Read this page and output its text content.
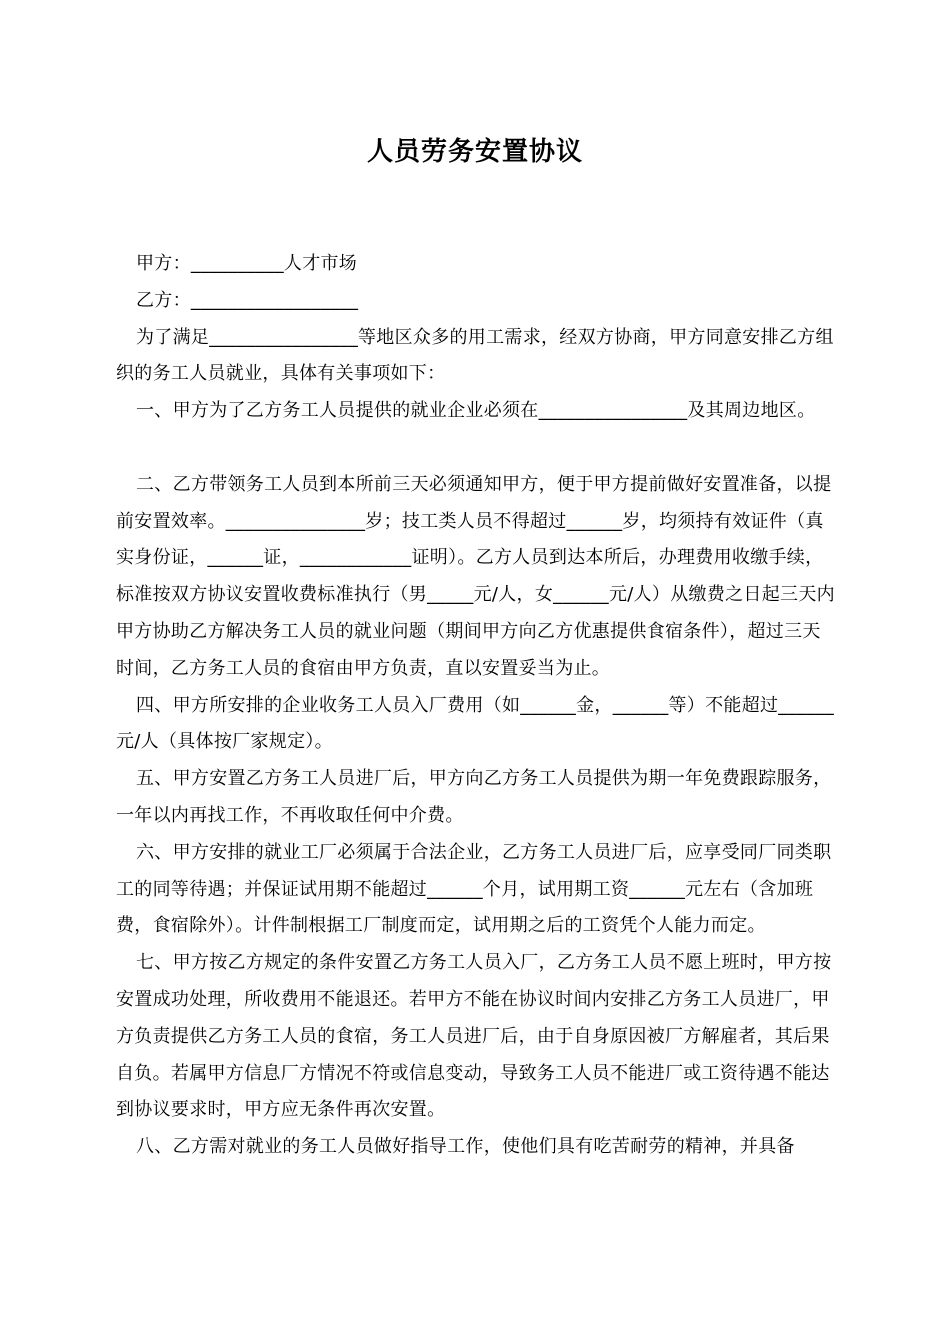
人员劳务安置协议

甲方：__________人才市场

乙方：__________________

为了满足________________等地区众多的用工需求，经双方协商，甲方同意安排乙方组织的务工人员就业，具体有关事项如下：

一、甲方为了乙方务工人员提供的就业企业必须在________________及其周边地区。

二、乙方带领务工人员到本所前三天必须通知甲方，便于甲方提前做好安置准备，以提前安置效率。_______________岁；技工类人员不得超过______岁，均须持有效证件（真实身份证，______证，____________证明）。乙方人员到达本所后，办理费用收缴手续，标准按双方协议安置收费标准执行（男_____元/人，女______元/人）从缴费之日起三天内甲方协助乙方解决务工人员的就业问题（期间甲方向乙方优惠提供食宿条件），超过三天时间，乙方务工人员的食宿由甲方负责，直以安置妥当为止。

四、甲方所安排的企业收务工人员入厂费用（如______金，______等）不能超过______元/人（具体按厂家规定）。

五、甲方安置乙方务工人员进厂后，甲方向乙方务工人员提供为期一年免费跟踪服务，一年以内再找工作，不再收取任何中介费。

六、甲方安排的就业工厂必须属于合法企业，乙方务工人员进厂后，应享受同厂同类职工的同等待遇；并保证试用期不能超过______个月，试用期工资______元左右（含加班费，食宿除外）。计件制根据工厂制度而定，试用期之后的工资凭个人能力而定。

七、甲方按乙方规定的条件安置乙方务工人员入厂，乙方务工人员不愿上班时，甲方按安置成功处理，所收费用不能退还。若甲方不能在协议时间内安排乙方务工人员进厂，甲方负责提供乙方务工人员的食宿，务工人员进厂后，由于自身原因被厂方解雇者，其后果自负。若属甲方信息厂方情况不符或信息变动，导致务工人员不能进厂或工资待遇不能达到协议要求时，甲方应无条件再次安置。

八、乙方需对就业的务工人员做好指导工作，使他们具有吃苦耐劳的精神，并具备
